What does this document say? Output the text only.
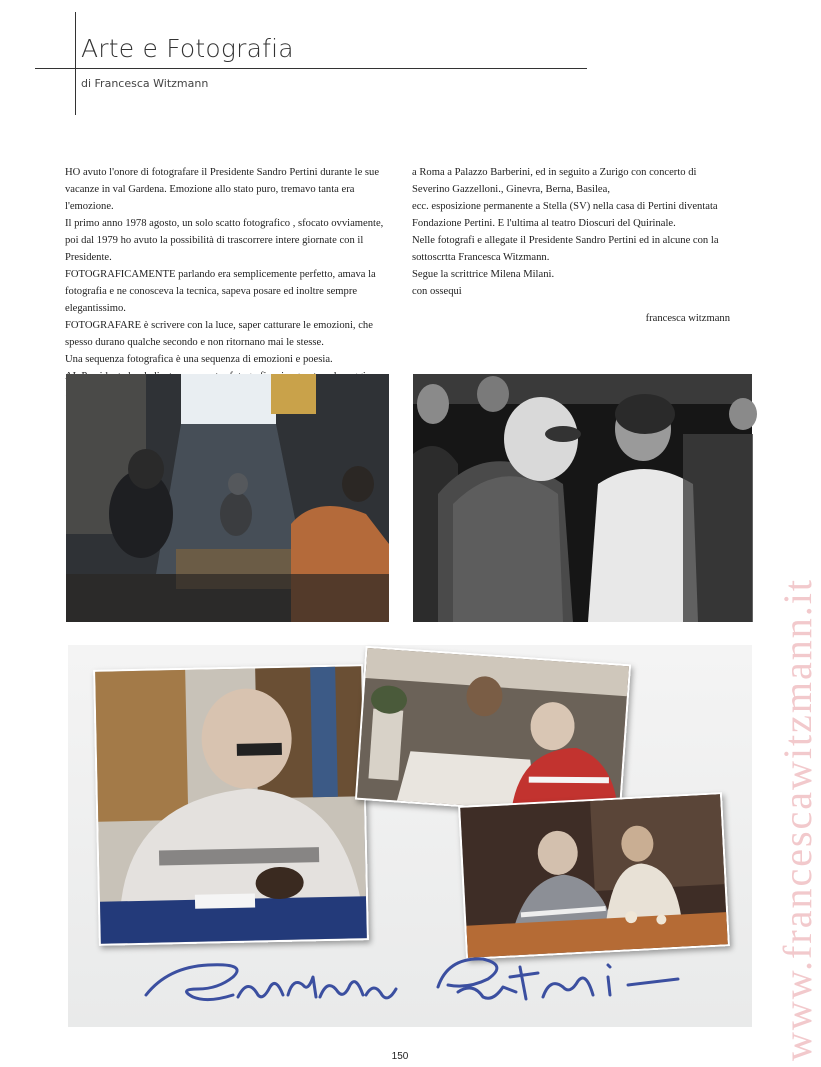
Arte e Fotografia
di Francesca Witzmann

HO avuto l'onore di fotografare il Presidente Sandro Pertini durante le sue vacanze in val Gardena. Emozione allo stato puro, tremavo tanta era l'emozione.

Il primo anno 1978 agosto, un solo scatto fotografico , sfocato ovviamente, poi dal 1979 ho avuto la possibilità di trascorrere intere giornate con il Presidente.

FOTOGRAFICAMENTE parlando era semplicemente perfetto, amava la fotografia e ne conosceva la tecnica, sapeva posare ed inoltre sempre elegantissimo.

FOTOGRAFARE è scrivere con la luce, saper catturare le emozioni, che spesso durano qualche secondo e non ritornano mai le stesse.

Una sequenza fotografica è una sequenza di emozioni e poesia.

a Roma a Palazzo Barberini, ed in seguito a Zurigo con concerto di Severino Gazzelloni., Ginevra, Berna, Basilea,

ecc. esposizione permanente a Stella (SV) nella casa di Pertini diventata Fondazione Pertini. E l'ultima al teatro Dioscuri del Quirinale.

Nelle fotografi e allegate il Presidente Sandro Pertini ed in alcune con la sottoscrtta Francesca Witzmann.

Segue la scrittrice Milena Milani.

con ossequi

francesca witzmann
150	www.francescawitzmann.it
